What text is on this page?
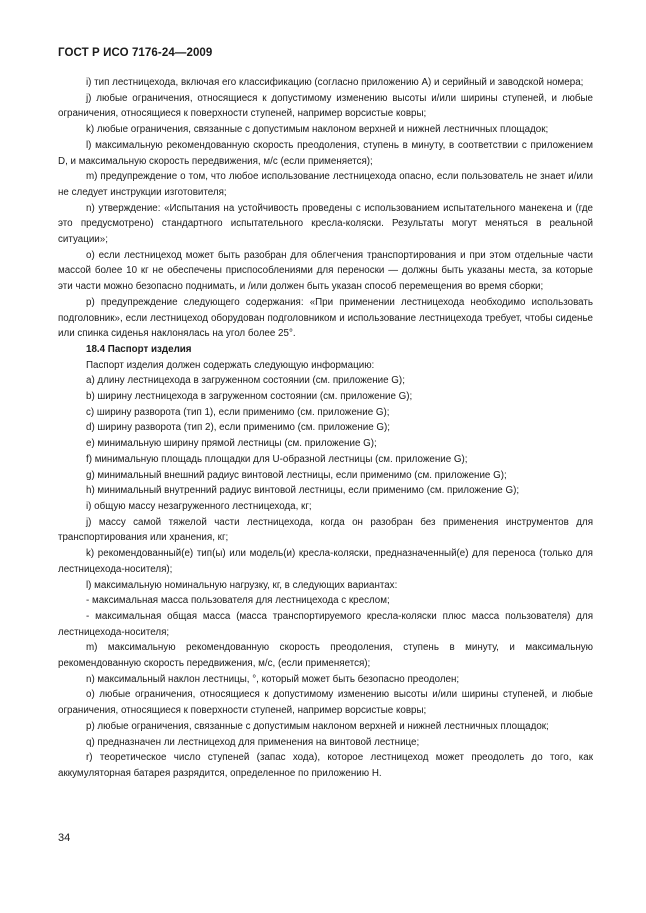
ГОСТ Р ИСО 7176-24—2009

i) тип лестницехода, включая его классификацию (согласно приложению А) и серийный и заводской номера;

j) любые ограничения, относящиеся к допустимому изменению высоты и/или ширины ступеней, и любые ограничения, относящиеся к поверхности ступеней, например ворсистые ковры;

k) любые ограничения, связанные с допустимым наклоном верхней и нижней лестничных площадок;

l) максимальную рекомендованную скорость преодоления, ступень в минуту, в соответствии с приложением D, и максимальную скорость передвижения, м/с (если применяется);

m) предупреждение о том, что любое использование лестницехода опасно, если пользователь не знает и/или не следует инструкции изготовителя;

n) утверждение: «Испытания на устойчивость проведены с использованием испытательного манекена и (где это предусмотрено) стандартного испытательного кресла-коляски. Результаты могут меняться в реальной ситуации»;

o) если лестницеход может быть разобран для облегчения транспортирования и при этом отдельные части массой более 10 кг не обеспечены приспособлениями для переноски — должны быть указаны места, за которые эти части можно безопасно поднимать, и /или должен быть указан способ перемещения во время сборки;

p) предупреждение следующего содержания: «При применении лестницехода необходимо использовать подголовник», если лестницеход оборудован подголовником и использование лестницехода требует, чтобы сиденье или спинка сиденья наклонялась на угол более 25°.

18.4 Паспорт изделия

Паспорт изделия должен содержать следующую информацию:

a) длину лестницехода в загруженном состоянии (см. приложение G);

b) ширину лестницехода в загруженном состоянии (см. приложение G);

c) ширину разворота (тип 1), если применимо (см. приложение G);

d) ширину разворота (тип 2), если применимо (см. приложение G);

e) минимальную ширину прямой лестницы (см. приложение G);

f) минимальную площадь площадки для U-образной лестницы (см. приложение G);

g) минимальный внешний радиус винтовой лестницы, если применимо (см. приложение G);

h) минимальный внутренний радиус винтовой лестницы, если применимо (см. приложение G);

i) общую массу незагруженного лестницехода, кг;

j) массу самой тяжелой части лестницехода, когда он разобран без применения инструментов для транспортирования или хранения, кг;

k) рекомендованный(е) тип(ы) или модель(и) кресла-коляски, предназначенный(е) для переноса (только для лестницехода-носителя);

l) максимальную номинальную нагрузку, кг, в следующих вариантах:

- максимальная масса пользователя для лестницехода с креслом;

- максимальная общая масса (масса транспортируемого кресла-коляски плюс масса пользователя) для лестницехода-носителя;

m) максимальную рекомендованную скорость преодоления, ступень в минуту, и максимальную рекомендованную скорость передвижения, м/с, (если применяется);

n) максимальный наклон лестницы, °, который может быть безопасно преодолен;

o) любые ограничения, относящиеся к допустимому изменению высоты и/или ширины ступеней, и любые ограничения, относящиеся к поверхности ступеней, например ворсистые ковры;

p) любые ограничения, связанные с допустимым наклоном верхней и нижней лестничных площадок;

q) предназначен ли лестницеход для применения на винтовой лестнице;

r) теоретическое число ступеней (запас хода), которое лестницеход может преодолеть до того, как аккумуляторная батарея разрядится, определенное по приложению Н.

34
